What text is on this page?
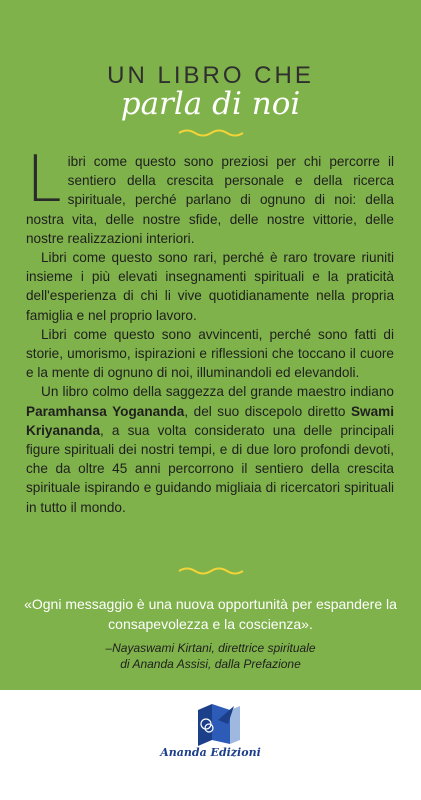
UN LIBRO CHE
parla di noi

Libri come questo sono preziosi per chi percorre il sentiero della crescita personale e della ricerca spirituale, perché parlano di ognuno di noi: della nostra vita, delle nostre sfide, delle nostre vittorie, delle nostre realizzazioni interiori.

Libri come questo sono rari, perché è raro trovare riuniti insieme i più elevati insegnamenti spirituali e la praticità dell'esperienza di chi li vive quotidianamente nella propria famiglia e nel proprio lavoro.

Libri come questo sono avvincenti, perché sono fatti di storie, umorismo, ispirazioni e riflessioni che toccano il cuore e la mente di ognuno di noi, illuminandoli ed elevandoli.

Un libro colmo della saggezza del grande maestro indiano Paramhansa Yogananda, del suo discepolo diretto Swami Kriyananda, a sua volta considerato una delle principali figure spirituali dei nostri tempi, e di due loro profondi devoti, che da oltre 45 anni percorrono il sentiero della crescita spirituale ispirando e guidando migliaia di ricercatori spirituali in tutto il mondo.

«Ogni messaggio è una nuova opportunità per espandere la consapevolezza e la coscienza».
–Nayaswami Kirtani, direttrice spirituale
di Ananda Assisi, dalla Prefazione
Ananda Edizioni
